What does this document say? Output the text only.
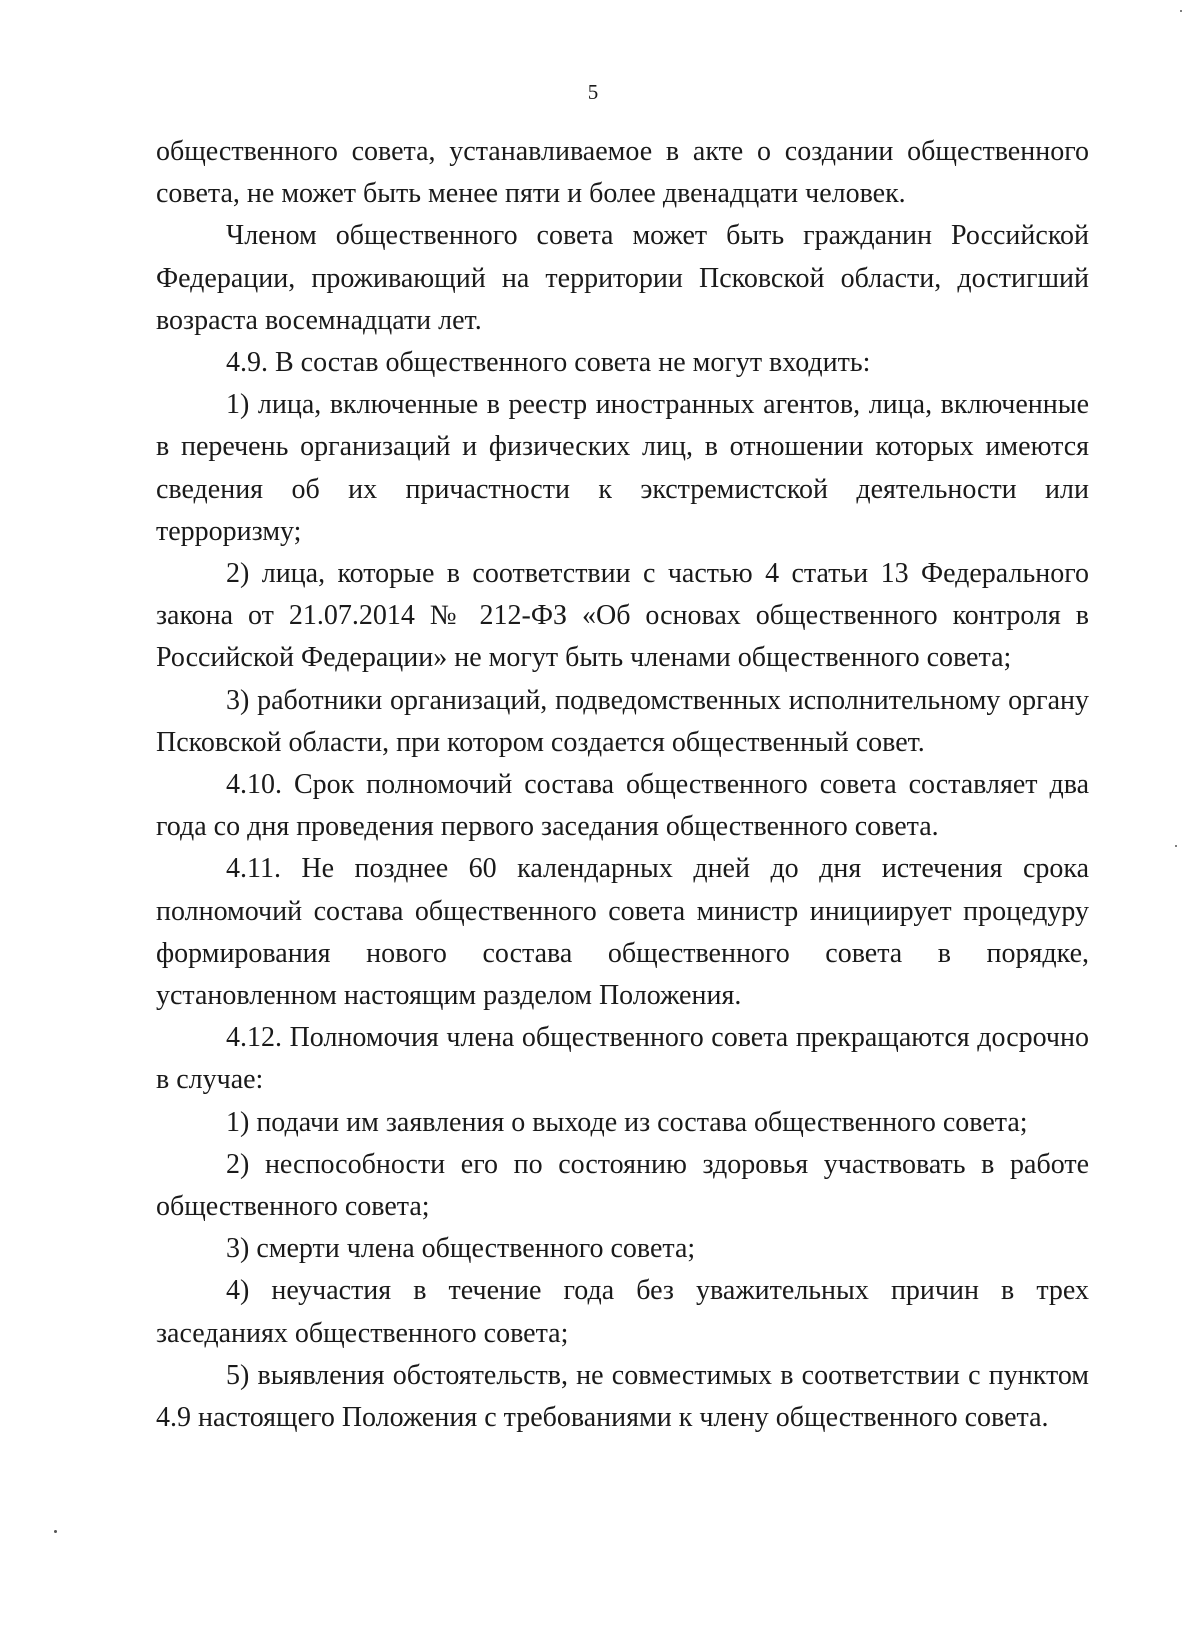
5

общественного совета, устанавливаемое в акте о создании общественного совета, не может быть менее пяти и более двенадцати человек.

Членом общественного совета может быть гражданин Российской Федерации, проживающий на территории Псковской области, достигший возраста восемнадцати лет.

4.9. В состав общественного совета не могут входить:

1) лица, включенные в реестр иностранных агентов, лица, включенные в перечень организаций и физических лиц, в отношении которых имеются сведения об их причастности к экстремистской деятельности или терроризму;

2) лица, которые в соответствии с частью 4 статьи 13 Федерального закона от 21.07.2014 № 212-ФЗ «Об основах общественного контроля в Российской Федерации» не могут быть членами общественного совета;

3) работники организаций, подведомственных исполнительному органу Псковской области, при котором создается общественный совет.

4.10. Срок полномочий состава общественного совета составляет два года со дня проведения первого заседания общественного совета.

4.11. Не позднее 60 календарных дней до дня истечения срока полномочий состава общественного совета министр инициирует процедуру формирования нового состава общественного совета в порядке, установленном настоящим разделом Положения.

4.12. Полномочия члена общественного совета прекращаются досрочно в случае:

1) подачи им заявления о выходе из состава общественного совета;

2) неспособности его по состоянию здоровья участвовать в работе общественного совета;

3) смерти члена общественного совета;

4) неучастия в течение года без уважительных причин в трех заседаниях общественного совета;

5) выявления обстоятельств, не совместимых в соответствии с пунктом 4.9 настоящего Положения с требованиями к члену общественного совета.
